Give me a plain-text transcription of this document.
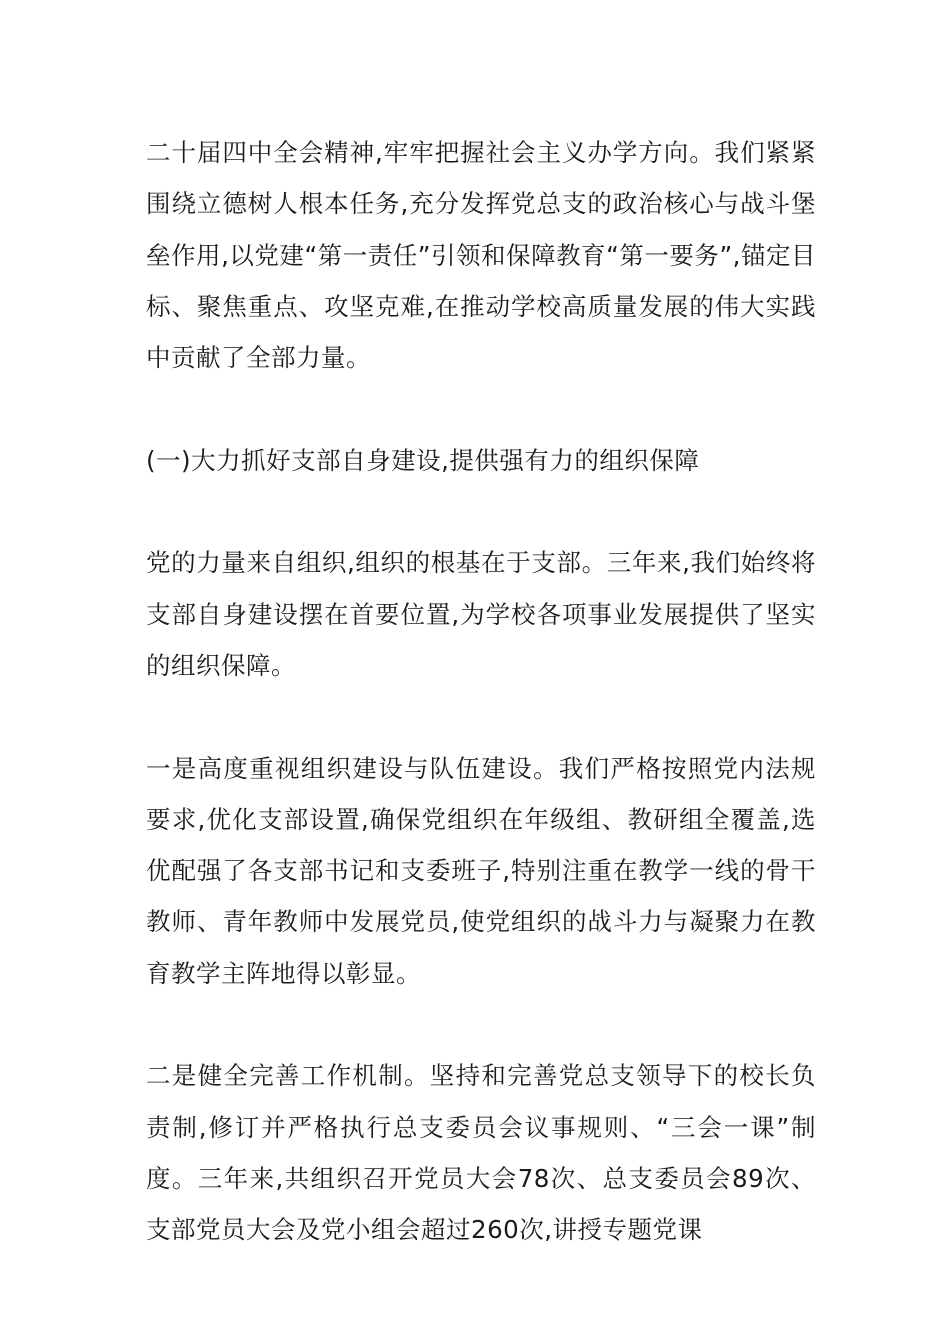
二十届四中全会精神,牢牢把握社会主义办学方向。我们紧紧围绕立德树人根本任务,充分发挥党总支的政治核心与战斗堡垒作用,以党建“第一责任”引领和保障教育“第一要务”,锚定目标、聚焦重点、攻坚克难,在推动学校高质量发展的伟大实践中贡献了全部力量。

(一)大力抓好支部自身建设,提供强有力的组织保障

党的力量来自组织,组织的根基在于支部。三年来,我们始终将支部自身建设摆在首要位置,为学校各项事业发展提供了坚实的组织保障。

一是高度重视组织建设与队伍建设。我们严格按照党内法规要求,优化支部设置,确保党组织在年级组、教研组全覆盖,选优配强了各支部书记和支委班子,特别注重在教学一线的骨干教师、青年教师中发展党员,使党组织的战斗力与凝聚力在教育教学主阵地得以彰显。

二是健全完善工作机制。坚持和完善党总支领导下的校长负责制,修订并严格执行总支委员会议事规则、“三会一课”制度。三年来,共组织召开党员大会78次、总支委员会89次、支部党员大会及党小组会超过260次,讲授专题党课
